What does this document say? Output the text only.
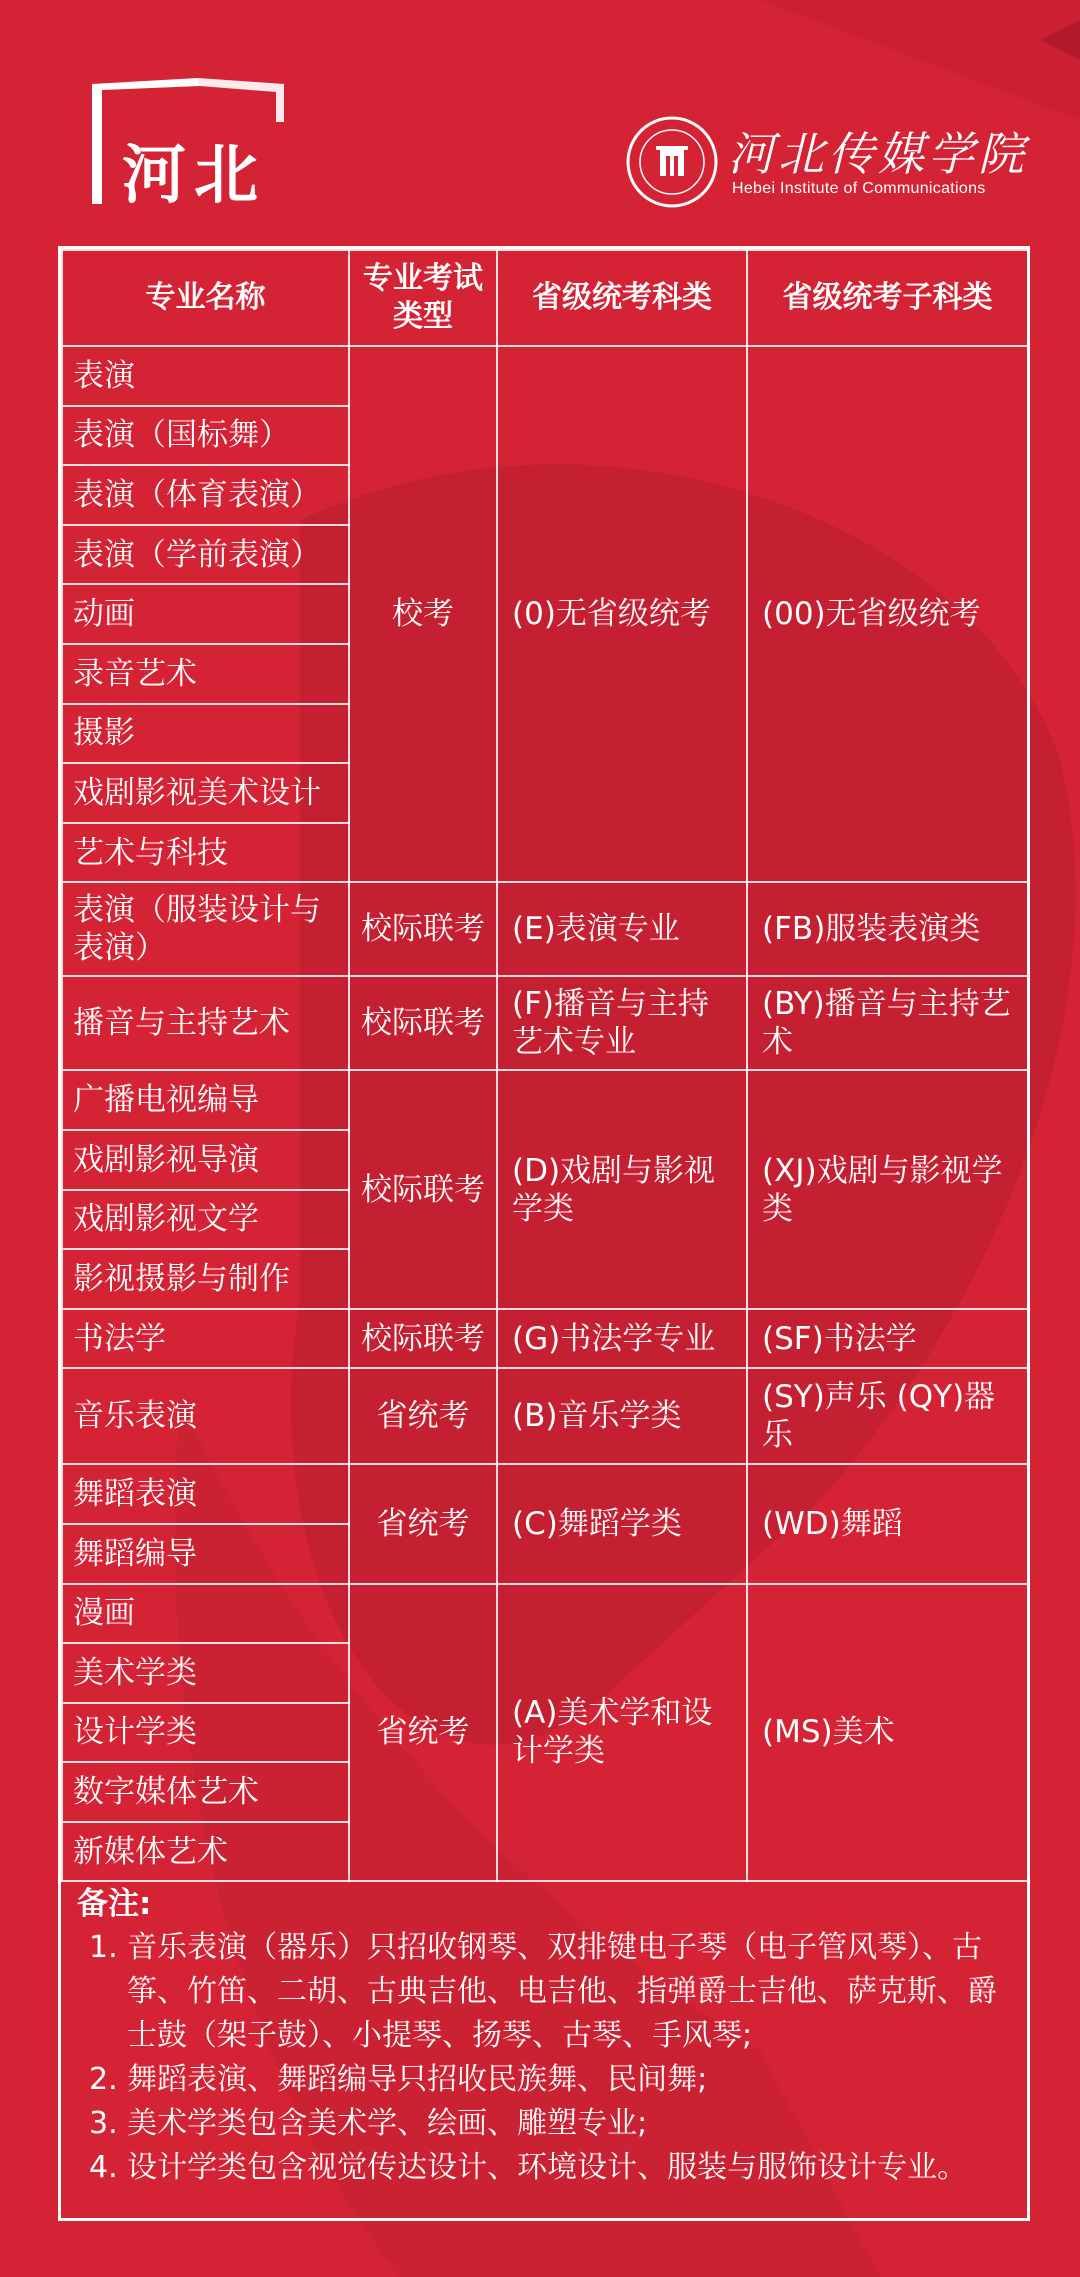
河北	河北传媒学院
Hebei Institute of Communications
专业名称	专业考试类型	省级统考科类	省级统考子科类
表演	校考	(0)无省级统考	(00)无省级统考
表演（国标舞）			
表演（体育表演）			
表演（学前表演）			
动画			
录音艺术			
摄影			
戏剧影视美术设计			
艺术与科技			
表演（服装设计与表演）	校际联考	(E)表演专业	(FB)服装表演类
播音与主持艺术	校际联考	(F)播音与主持艺术专业	(BY)播音与主持艺术
广播电视编导	校际联考	(D)戏剧与影视学类	(XJ)戏剧与影视学类
戏剧影视导演			
戏剧影视文学			
影视摄影与制作			
书法学	校际联考	(G)书法学专业	(SF)书法学
音乐表演	省统考	(B)音乐学类	(SY)声乐 (QY)器乐
舞蹈表演	省统考	(C)舞蹈学类	(WD)舞蹈
舞蹈编导			
漫画	省统考	(A)美术学和设计学类	(MS)美术
美术学类			
设计学类			
数字媒体艺术			
新媒体艺术			
备注:
1. 音乐表演（器乐）只招收钢琴、双排键电子琴（电子管风琴）、古筝、竹笛、二胡、古典吉他、电吉他、指弹爵士吉他、萨克斯、爵士鼓（架子鼓）、小提琴、扬琴、古琴、手风琴;
2. 舞蹈表演、舞蹈编导只招收民族舞、民间舞;
3. 美术学类包含美术学、绘画、雕塑专业;
4. 设计学类包含视觉传达设计、环境设计、服装与服饰设计专业。
